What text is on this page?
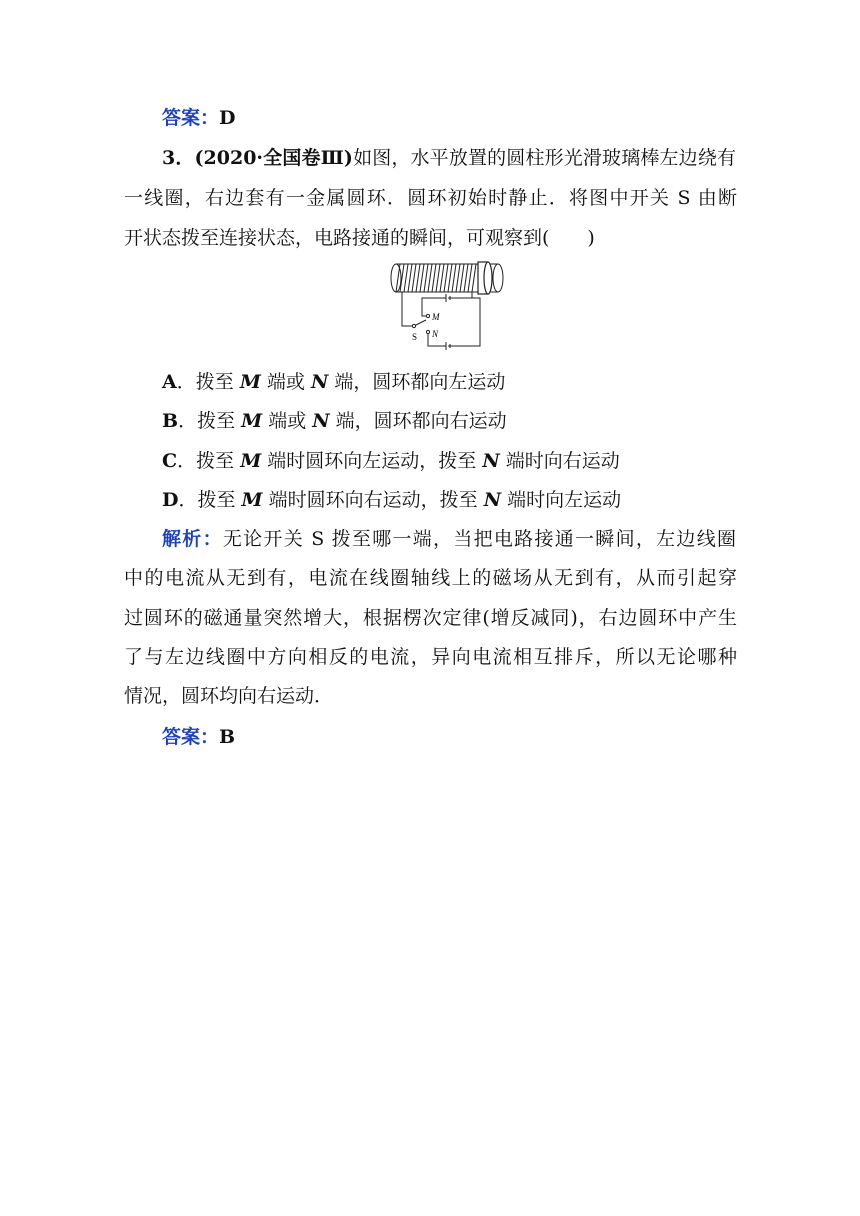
答案：D
3．(2020·全国卷Ⅲ)如图，水平放置的圆柱形光滑玻璃棒左边绕有
一线圈，右边套有一金属圆环．圆环初始时静止．将图中开关 S 由断
开状态拨至连接状态，电路接通的瞬间，可观察到(　　)
S
M
N
A．拨至 M 端或 N 端，圆环都向左运动
B．拨至 M 端或 N 端，圆环都向右运动
C．拨至 M 端时圆环向左运动，拨至 N 端时向右运动
D．拨至 M 端时圆环向右运动，拨至 N 端时向左运动
解析：无论开关 S 拨至哪一端，当把电路接通一瞬间，左边线圈
中的电流从无到有，电流在线圈轴线上的磁场从无到有，从而引起穿
过圆环的磁通量突然增大，根据楞次定律(增反减同)，右边圆环中产生
了与左边线圈中方向相反的电流，异向电流相互排斥，所以无论哪种
情况，圆环均向右运动．
答案：B
